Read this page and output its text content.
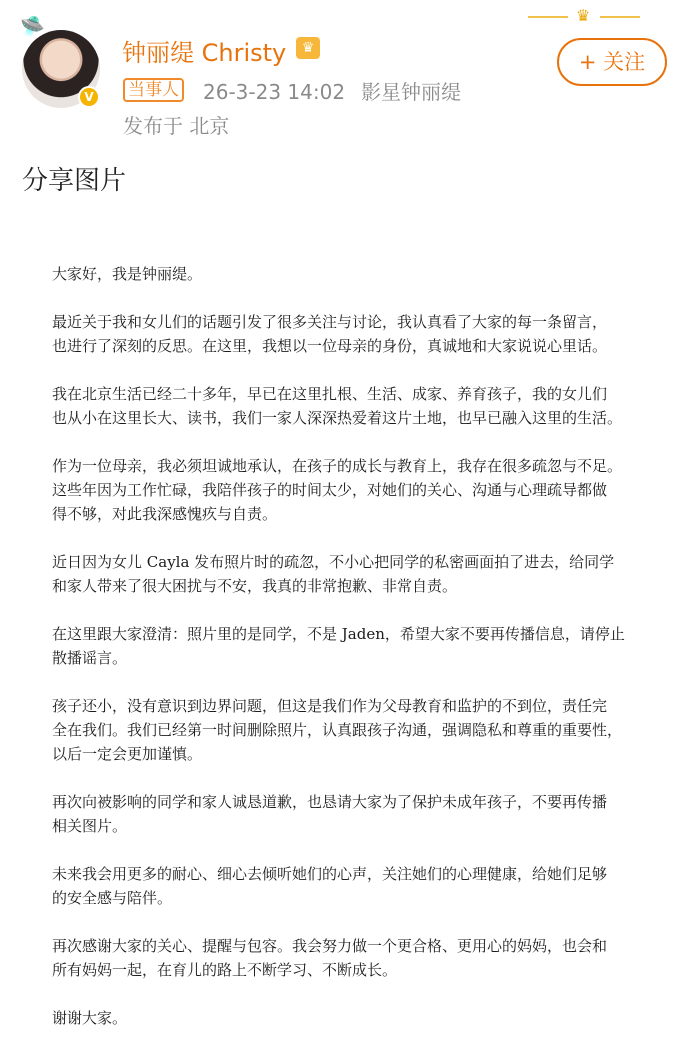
♛
V
🛸
钟丽缇 Christy	♛
当事人 26-3-23 14:02 影星钟丽缇
发布于 北京
+ 关注
分享图片

大家好，我是钟丽缇。

最近关于我和女儿们的话题引发了很多关注与讨论，我认真看了大家的每一条留言，
也进行了深刻的反思。在这里，我想以一位母亲的身份，真诚地和大家说说心里话。

我在北京生活已经二十多年，早已在这里扎根、生活、成家、养育孩子，我的女儿们
也从小在这里长大、读书，我们一家人深深热爱着这片土地，也早已融入这里的生活。

作为一位母亲，我必须坦诚地承认，在孩子的成长与教育上，我存在很多疏忽与不足。
这些年因为工作忙碌，我陪伴孩子的时间太少，对她们的关心、沟通与心理疏导都做
得不够，对此我深感愧疚与自责。

近日因为女儿 Cayla 发布照片时的疏忽，不小心把同学的私密画面拍了进去，给同学
和家人带来了很大困扰与不安，我真的非常抱歉、非常自责。

在这里跟大家澄清：照片里的是同学，不是 Jaden，希望大家不要再传播信息，请停止
散播谣言。

孩子还小，没有意识到边界问题，但这是我们作为父母教育和监护的不到位，责任完
全在我们。我们已经第一时间删除照片，认真跟孩子沟通，强调隐私和尊重的重要性，
以后一定会更加谨慎。

再次向被影响的同学和家人诚恳道歉，也恳请大家为了保护未成年孩子，不要再传播
相关图片。

未来我会用更多的耐心、细心去倾听她们的心声，关注她们的心理健康，给她们足够
的安全感与陪伴。

再次感谢大家的关心、提醒与包容。我会努力做一个更合格、更用心的妈妈，也会和
所有妈妈一起，在育儿的路上不断学习、不断成长。

谢谢大家。
